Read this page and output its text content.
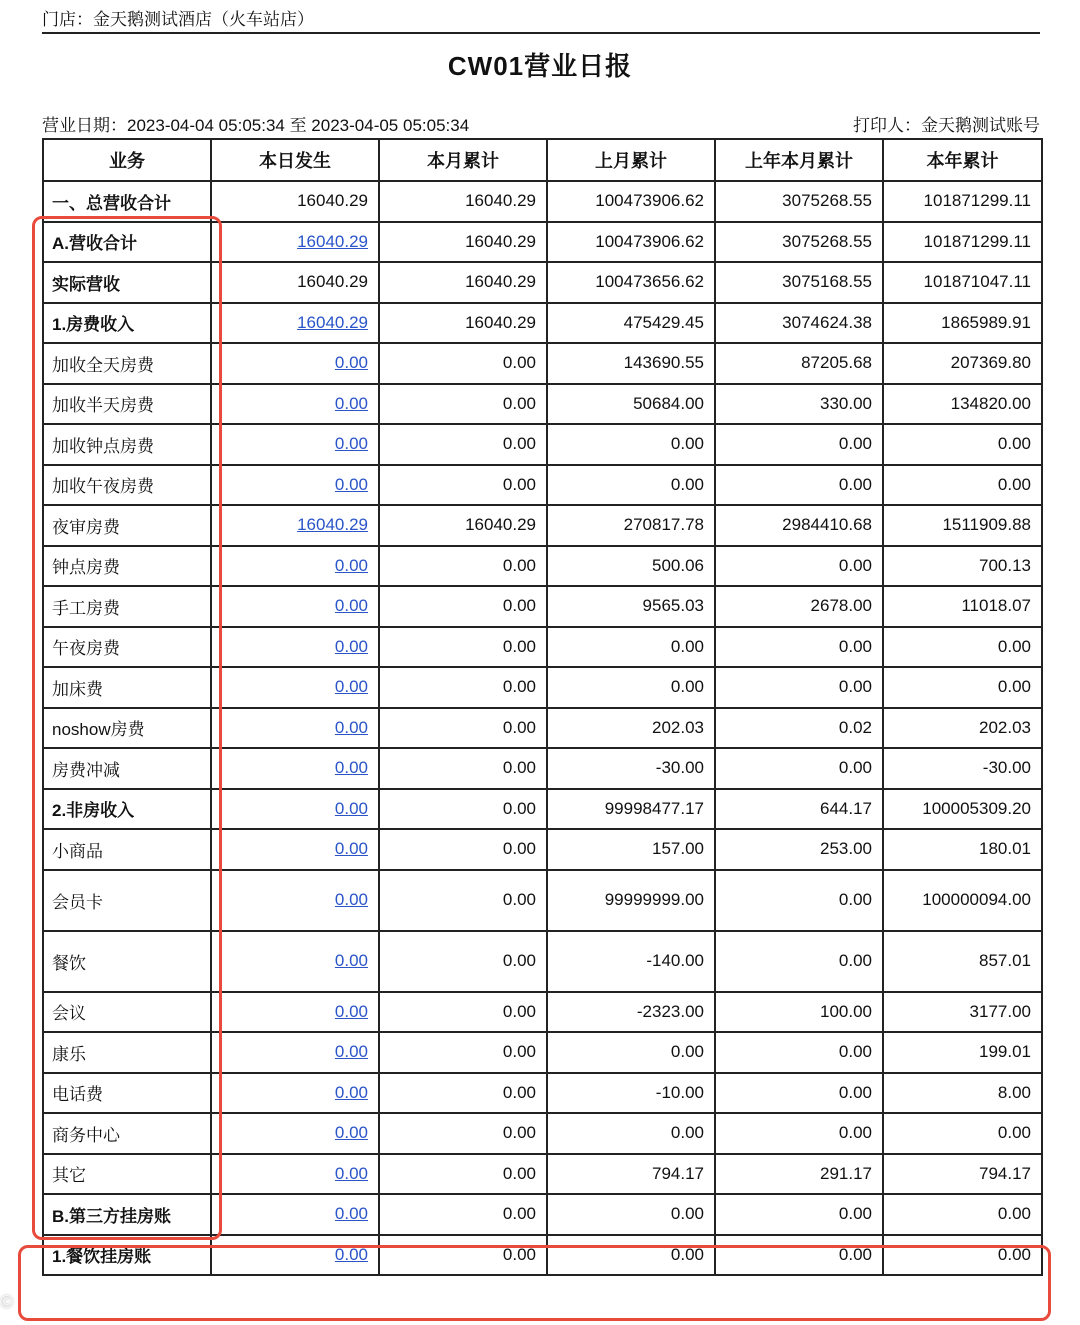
门店：金天鹅测试酒店（火车站店）
CW01营业日报
营业日期：2023-04-04 05:05:34 至 2023-04-05 05:05:34	打印人：金天鹅测试账号
业务	本日发生	本月累计	上月累计	上年本月累计	本年累计
一、总营收合计	16040.29	16040.29	100473906.62	3075268.55	101871299.11
A.营收合计	16040.29	16040.29	100473906.62	3075268.55	101871299.11
实际营收	16040.29	16040.29	100473656.62	3075168.55	101871047.11
1.房费收入	16040.29	16040.29	475429.45	3074624.38	1865989.91
加收全天房费	0.00	0.00	143690.55	87205.68	207369.80
加收半天房费	0.00	0.00	50684.00	330.00	134820.00
加收钟点房费	0.00	0.00	0.00	0.00	0.00
加收午夜房费	0.00	0.00	0.00	0.00	0.00
夜审房费	16040.29	16040.29	270817.78	2984410.68	1511909.88
钟点房费	0.00	0.00	500.06	0.00	700.13
手工房费	0.00	0.00	9565.03	2678.00	11018.07
午夜房费	0.00	0.00	0.00	0.00	0.00
加床费	0.00	0.00	0.00	0.00	0.00
noshow房费	0.00	0.00	202.03	0.02	202.03
房费冲减	0.00	0.00	-30.00	0.00	-30.00
2.非房收入	0.00	0.00	99998477.17	644.17	100005309.20
小商品	0.00	0.00	157.00	253.00	180.01
会员卡	0.00	0.00	99999999.00	0.00	100000094.00
餐饮	0.00	0.00	-140.00	0.00	857.01
会议	0.00	0.00	-2323.00	100.00	3177.00
康乐	0.00	0.00	0.00	0.00	199.01
电话费	0.00	0.00	-10.00	0.00	8.00
商务中心	0.00	0.00	0.00	0.00	0.00
其它	0.00	0.00	794.17	291.17	794.17
B.第三方挂房账	0.00	0.00	0.00	0.00	0.00
1.餐饮挂房账	0.00	0.00	0.00	0.00	0.00
©
